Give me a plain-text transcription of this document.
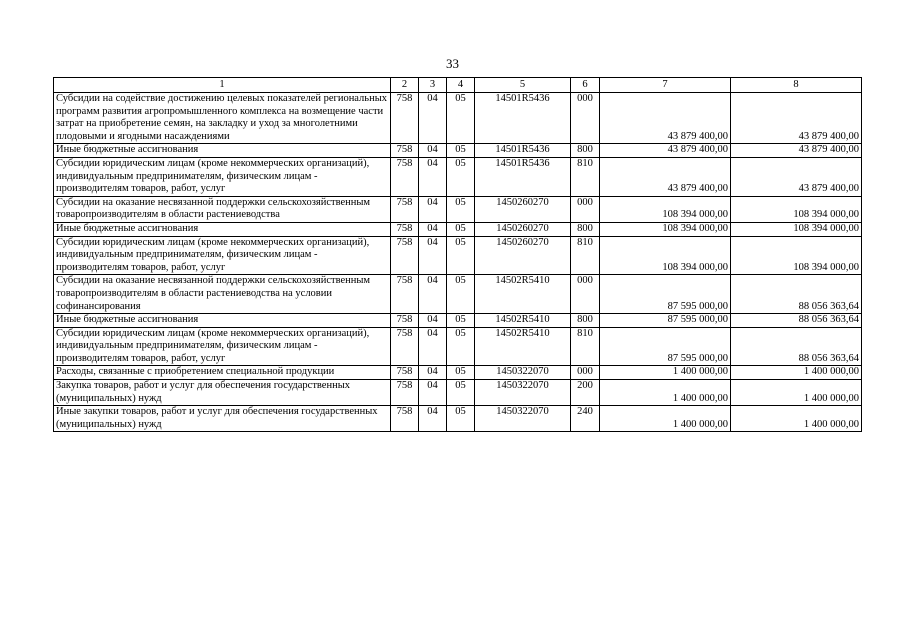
33
1	2	3	4	5	6	7	8
Субсидии на содействие достижению целевых показателей региональных программ развития агропромышленного комплекса на возмещение части затрат на приобретение семян, на закладку и уход за многолетними плодовыми и ягодными насаждениями	758	04	05	14501R5436	000	43 879 400,00	43 879 400,00
Иные бюджетные ассигнования	758	04	05	14501R5436	800	43 879 400,00	43 879 400,00
Субсидии юридическим лицам (кроме некоммерческих организаций), индивидуальным предпринимателям, физическим лицам - производителям товаров, работ, услуг	758	04	05	14501R5436	810	43 879 400,00	43 879 400,00
Субсидии на оказание несвязанной поддержки сельскохозяйственным товаропроизводителям в области растениеводства	758	04	05	1450260270	000	108 394 000,00	108 394 000,00
Иные бюджетные ассигнования	758	04	05	1450260270	800	108 394 000,00	108 394 000,00
Субсидии юридическим лицам (кроме некоммерческих организаций), индивидуальным предпринимателям, физическим лицам - производителям товаров, работ, услуг	758	04	05	1450260270	810	108 394 000,00	108 394 000,00
Субсидии на оказание несвязанной поддержки сельскохозяйственным товаропроизводителям в области растениеводства на условии софинансирования	758	04	05	14502R5410	000	87 595 000,00	88 056 363,64
Иные бюджетные ассигнования	758	04	05	14502R5410	800	87 595 000,00	88 056 363,64
Субсидии юридическим лицам (кроме некоммерческих организаций), индивидуальным предпринимателям, физическим лицам - производителям товаров, работ, услуг	758	04	05	14502R5410	810	87 595 000,00	88 056 363,64
Расходы, связанные с приобретением специальной продукции	758	04	05	1450322070	000	1 400 000,00	1 400 000,00
Закупка товаров, работ и услуг для обеспечения государственных (муниципальных) нужд	758	04	05	1450322070	200	1 400 000,00	1 400 000,00
Иные закупки товаров, работ и услуг для обеспечения государственных (муниципальных) нужд	758	04	05	1450322070	240	1 400 000,00	1 400 000,00
